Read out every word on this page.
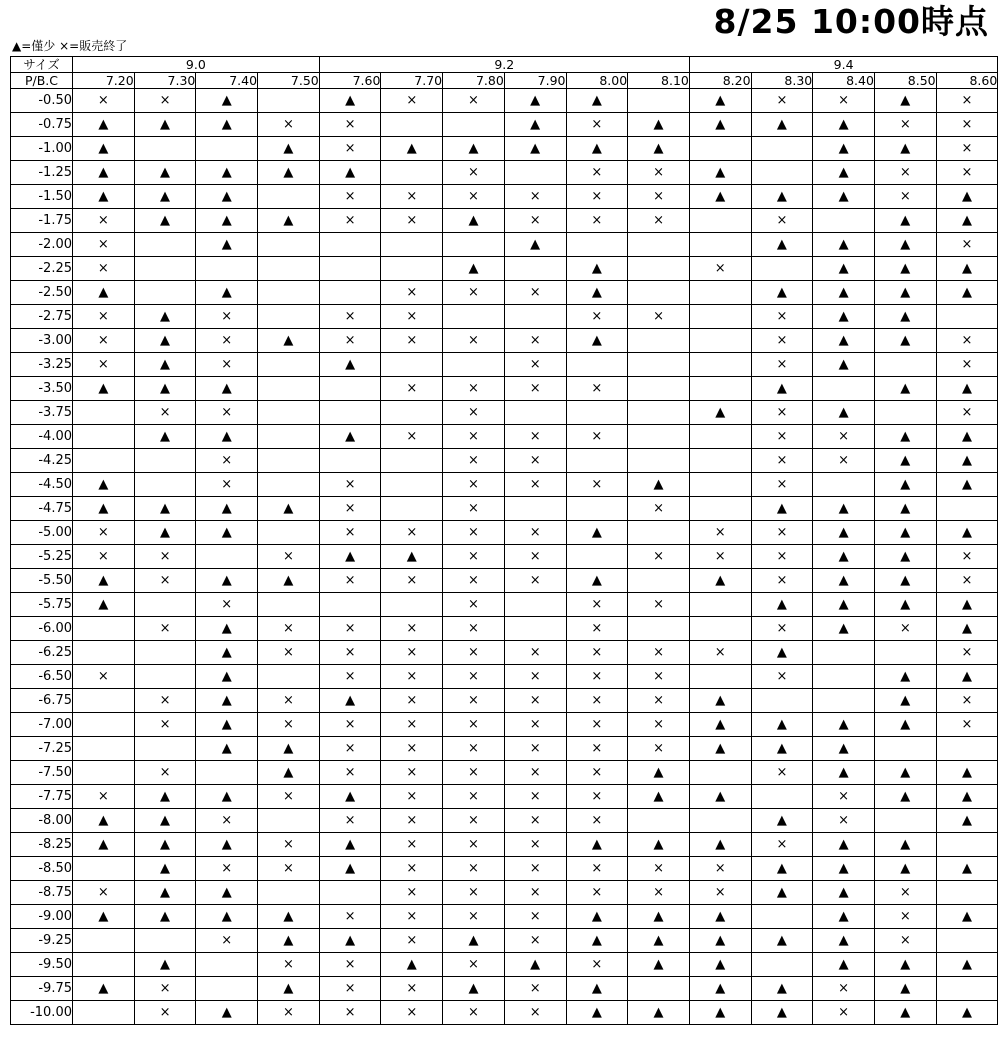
8/25 10:00時点
▲=僅少 ×=販売終了
サイズ	9.0				9.2						9.4				
P/B.C	7.20	7.30	7.40	7.50	7.60	7.70	7.80	7.90	8.00	8.10	8.20	8.30	8.40	8.50	8.60
-0.50	×	×	▲		▲	×	×	▲	▲		▲	×	×	▲	×
-0.75	▲	▲	▲	×	×			▲	×	▲	▲	▲	▲	×	×
-1.00	▲			▲	×	▲	▲	▲	▲	▲			▲	▲	×
-1.25	▲	▲	▲	▲	▲		×		×	×	▲		▲	×	×
-1.50	▲	▲	▲		×	×	×	×	×	×	▲	▲	▲	×	▲
-1.75	×	▲	▲	▲	×	×	▲	×	×	×		×		▲	▲
-2.00	×		▲					▲				▲	▲	▲	×
-2.25	×						▲		▲		×		▲	▲	▲
-2.50	▲		▲			×	×	×	▲			▲	▲	▲	▲
-2.75	×	▲	×		×	×			×	×		×	▲	▲	
-3.00	×	▲	×	▲	×	×	×	×	▲			×	▲	▲	×
-3.25	×	▲	×		▲			×				×	▲		×
-3.50	▲	▲	▲			×	×	×	×			▲		▲	▲
-3.75		×	×				×				▲	×	▲		×
-4.00		▲	▲		▲	×	×	×	×			×	×	▲	▲
-4.25			×				×	×				×	×	▲	▲
-4.50	▲		×		×		×	×	×	▲		×		▲	▲
-4.75	▲	▲	▲	▲	×		×			×		▲	▲	▲	
-5.00	×	▲	▲		×	×	×	×	▲		×	×	▲	▲	▲
-5.25	×	×		×	▲	▲	×	×		×	×	×	▲	▲	×
-5.50	▲	×	▲	▲	×	×	×	×	▲		▲	×	▲	▲	×
-5.75	▲		×				×		×	×		▲	▲	▲	▲
-6.00		×	▲	×	×	×	×		×			×	▲	×	▲
-6.25			▲	×	×	×	×	×	×	×	×	▲			×
-6.50	×		▲		×	×	×	×	×	×		×		▲	▲
-6.75		×	▲	×	▲	×	×	×	×	×	▲			▲	×
-7.00		×	▲	×	×	×	×	×	×	×	▲	▲	▲	▲	×
-7.25			▲	▲	×	×	×	×	×	×	▲	▲	▲		
-7.50		×		▲	×	×	×	×	×	▲		×	▲	▲	▲
-7.75	×	▲	▲	×	▲	×	×	×	×	▲	▲		×	▲	▲
-8.00	▲	▲	×		×	×	×	×	×			▲	×		▲
-8.25	▲	▲	▲	×	▲	×	×	×	▲	▲	▲	×	▲	▲	
-8.50		▲	×	×	▲	×	×	×	×	×	×	▲	▲	▲	▲
-8.75	×	▲	▲			×	×	×	×	×	×	▲	▲	×	
-9.00	▲	▲	▲	▲	×	×	×	×	▲	▲	▲		▲	×	▲
-9.25			×	▲	▲	×	▲	×	▲	▲	▲	▲	▲	×	
-9.50		▲		×	×	▲	×	▲	×	▲	▲		▲	▲	▲
-9.75	▲	×		▲	×	×	▲	×	▲		▲	▲	×	▲	
-10.00		×	▲	×	×	×	×	×	▲	▲	▲	▲	×	▲	▲
